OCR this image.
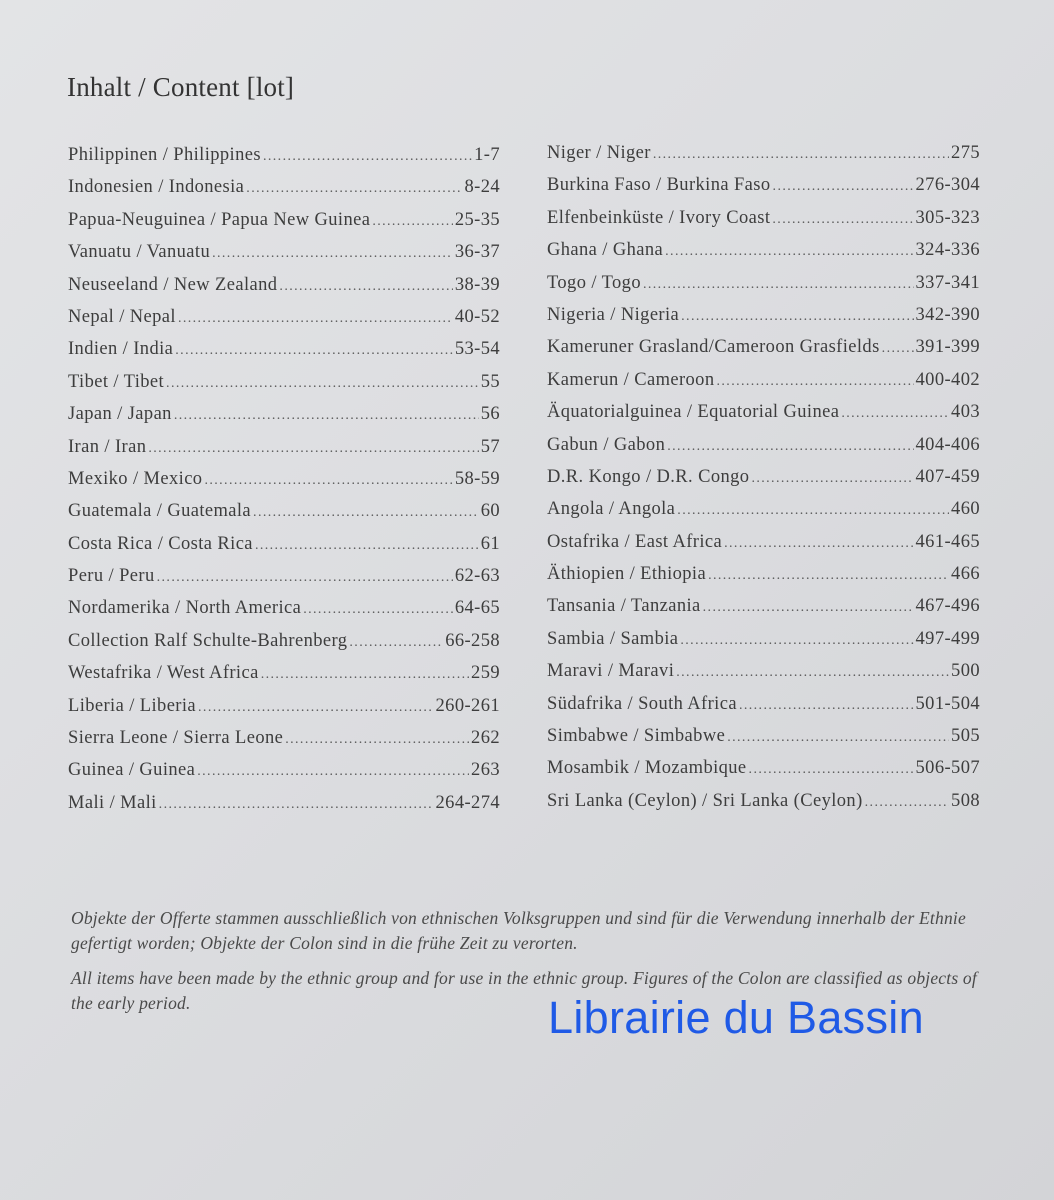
Inhalt / Content [lot]
Philippinen / Philippines .....	1-7
Indonesien / Indonesia .....	8-24
Papua-Neuguinea / Papua New Guinea .....	25-35
Vanuatu / Vanuatu .....	36-37
Neuseeland / New Zealand .....	38-39
Nepal / Nepal .....	40-52
Indien / India .....	53-54
Tibet / Tibet .....	55
Japan / Japan .....	56
Iran / Iran .....	57
Mexiko / Mexico .....	58-59
Guatemala / Guatemala .....	60
Costa Rica / Costa Rica .....	61
Peru / Peru .....	62-63
Nordamerika / North America .....	64-65
Collection Ralf Schulte-Bahrenberg .....	66-258
Westafrika / West Africa .....	259
Liberia / Liberia .....	260-261
Sierra Leone / Sierra Leone .....	262
Guinea / Guinea .....	263
Mali / Mali .....	264-274
Niger / Niger .....	275
Burkina Faso / Burkina Faso .....	276-304
Elfenbeinküste / Ivory Coast .....	305-323
Ghana / Ghana .....	324-336
Togo / Togo .....	337-341
Nigeria / Nigeria .....	342-390
Kameruner Grasland/Cameroon Grasfields ..... 391-399
Kamerun / Cameroon .....	400-402
Äquatorialguinea / Equatorial Guinea .....	403
Gabun / Gabon .....	404-406
D.R. Kongo / D.R. Congo .....	407-459
Angola / Angola .....	460
Ostafrika / East Africa .....	461-465
Äthiopien / Ethiopia .....	466
Tansania / Tanzania .....	467-496
Sambia / Sambia .....	497-499
Maravi / Maravi .....	500
Südafrika / South Africa .....	501-504
Simbabwe / Simbabwe .....	505
Mosambik / Mozambique .....	506-507
Sri Lanka (Ceylon) / Sri Lanka (Ceylon) .....	508

Objekte der Offerte stammen ausschließlich von ethnischen Volksgruppen und sind für die Verwendung innerhalb der Ethnie gefertigt worden; Objekte der Colon sind in die frühe Zeit zu verorten.

All items have been made by the ethnic group and for use in the ethnic group. Figures of the Colon are classified as objects of the early period.	Librairie du Bassin
